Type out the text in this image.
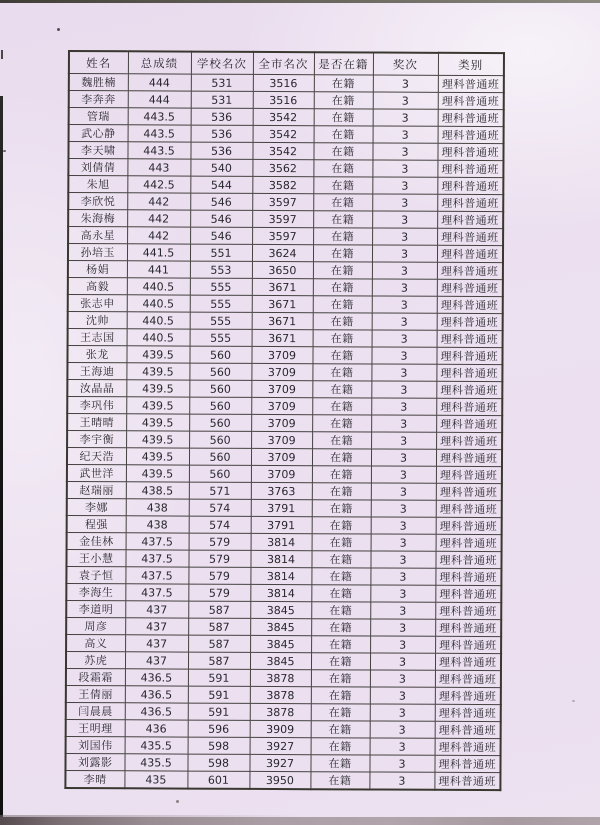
姓名	总成绩	学校名次	全市名次	是否在籍	奖次	类别
魏胜楠	444	531	3516	在籍	3	理科普通班
李奔奔	444	531	3516	在籍	3	理科普通班
管瑞	443.5	536	3542	在籍	3	理科普通班
武心静	443.5	536	3542	在籍	3	理科普通班
李天啸	443.5	536	3542	在籍	3	理科普通班
刘倩倩	443	540	3562	在籍	3	理科普通班
朱旭	442.5	544	3582	在籍	3	理科普通班
李欣悦	442	546	3597	在籍	3	理科普通班
朱海梅	442	546	3597	在籍	3	理科普通班
高永星	442	546	3597	在籍	3	理科普通班
孙培玉	441.5	551	3624	在籍	3	理科普通班
杨娟	441	553	3650	在籍	3	理科普通班
高毅	440.5	555	3671	在籍	3	理科普通班
张志申	440.5	555	3671	在籍	3	理科普通班
沈帅	440.5	555	3671	在籍	3	理科普通班
王志国	440.5	555	3671	在籍	3	理科普通班
张龙	439.5	560	3709	在籍	3	理科普通班
王海迪	439.5	560	3709	在籍	3	理科普通班
汝晶晶	439.5	560	3709	在籍	3	理科普通班
李巩伟	439.5	560	3709	在籍	3	理科普通班
王晴晴	439.5	560	3709	在籍	3	理科普通班
李宇衡	439.5	560	3709	在籍	3	理科普通班
纪天浩	439.5	560	3709	在籍	3	理科普通班
武世洋	439.5	560	3709	在籍	3	理科普通班
赵瑞丽	438.5	571	3763	在籍	3	理科普通班
李娜	438	574	3791	在籍	3	理科普通班
程强	438	574	3791	在籍	3	理科普通班
金佳林	437.5	579	3814	在籍	3	理科普通班
王小慧	437.5	579	3814	在籍	3	理科普通班
袁子恒	437.5	579	3814	在籍	3	理科普通班
李海生	437.5	579	3814	在籍	3	理科普通班
李道明	437	587	3845	在籍	3	理科普通班
周彦	437	587	3845	在籍	3	理科普通班
高义	437	587	3845	在籍	3	理科普通班
苏虎	437	587	3845	在籍	3	理科普通班
段霜霜	436.5	591	3878	在籍	3	理科普通班
王倩丽	436.5	591	3878	在籍	3	理科普通班
闫晨晨	436.5	591	3878	在籍	3	理科普通班
王明理	436	596	3909	在籍	3	理科普通班
刘国伟	435.5	598	3927	在籍	3	理科普通班
刘露影	435.5	598	3927	在籍	3	理科普通班
李晴	435	601	3950	在籍	3	理科普通班
